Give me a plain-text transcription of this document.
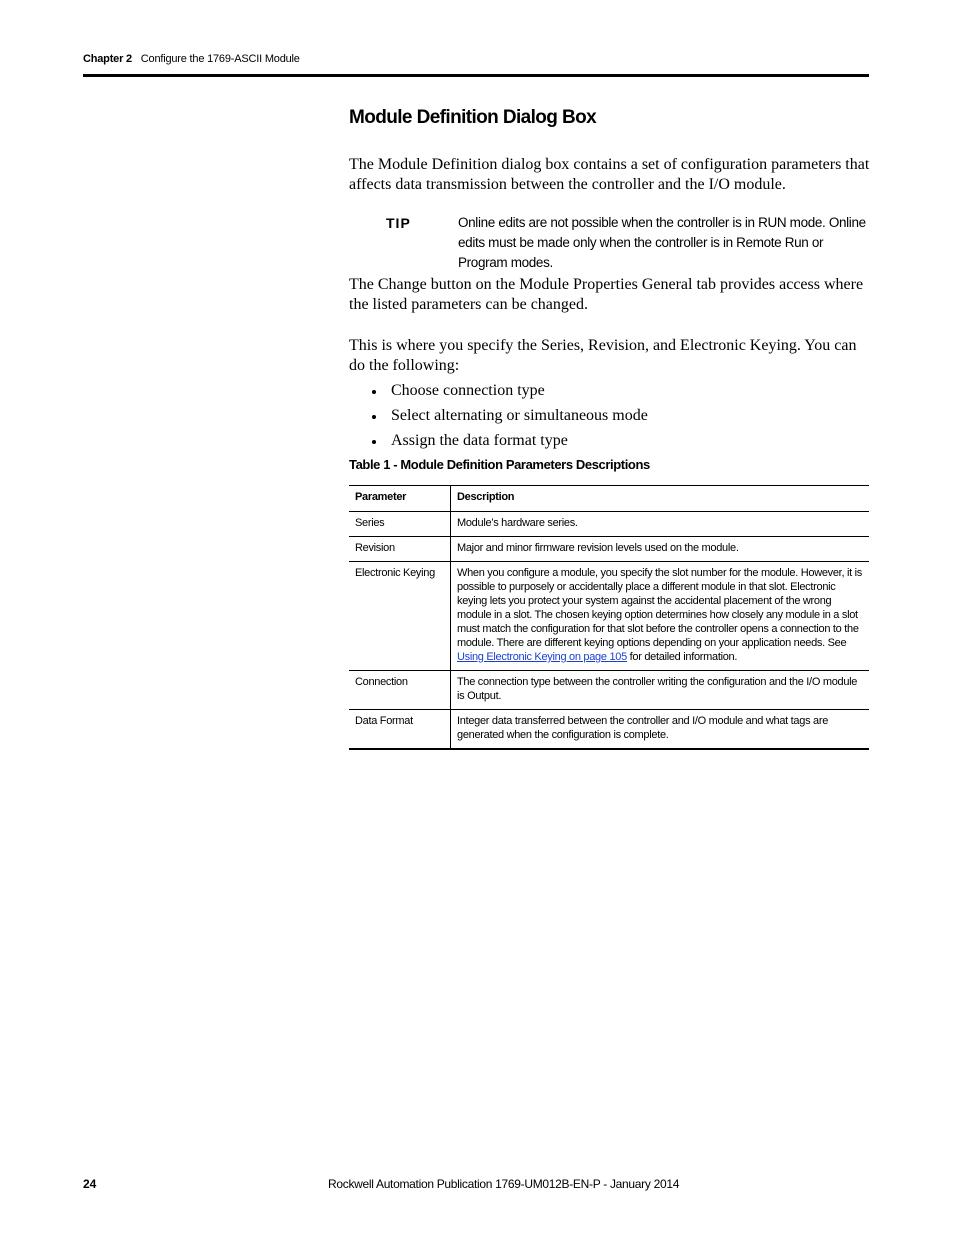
Chapter 2 Configure the 1769-ASCII Module
Module Definition Dialog Box

The Module Definition dialog box contains a set of configuration parameters that affects data transmission between the controller and the I/O module.

TIP	Online edits are not possible when the controller is in RUN mode. Online edits must be made only when the controller is in Remote Run or Program modes.

The Change button on the Module Properties General tab provides access where the listed parameters can be changed.

This is where you specify the Series, Revision, and Electronic Keying. You can do the following:

Choose connection type
Select alternating or simultaneous mode
Assign the data format type
Table 1 - Module Definition Parameters Descriptions
Parameter	Description
Series	Module’s hardware series.
Revision	Major and minor firmware revision levels used on the module.
Electronic Keying	When you configure a module, you specify the slot number for the module. However, it is possible to purposely or accidentally place a different module in that slot. Electronic keying lets you protect your system against the accidental placement of the wrong module in a slot. The chosen keying option determines how closely any module in a slot must match the configuration for that slot before the controller opens a connection to the module. There are different keying options depending on your application needs. See Using Electronic Keying on page 105 for detailed information.
Connection	The connection type between the controller writing the configuration and the I/O module is Output.
Data Format	Integer data transferred between the controller and I/O module and what tags are generated when the configuration is complete.
24	Rockwell Automation Publication 1769-UM012B-EN-P - January 2014
